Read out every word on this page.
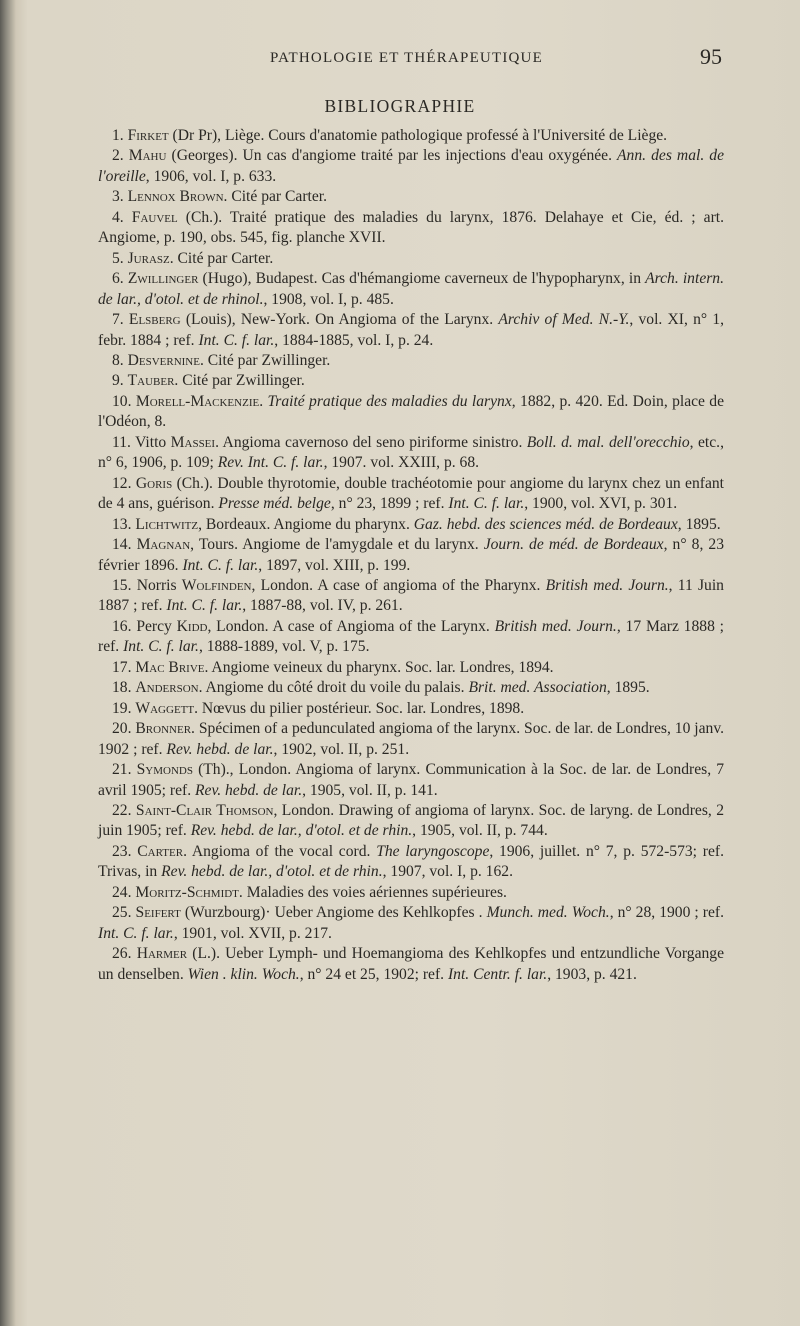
PATHOLOGIE ET THÉRAPEUTIQUE	95
BIBLIOGRAPHIE

1. Firket (Dr Pr), Liège. Cours d'anatomie pathologique professé à l'Université de Liège.

2. Mahu (Georges). Un cas d'angiome traité par les injections d'eau oxygénée. Ann. des mal. de l'oreille, 1906, vol. I, p. 633.

3. Lennox Brown. Cité par Carter.

4. Fauvel (Ch.). Traité pratique des maladies du larynx, 1876. Delahaye et Cie, éd. ; art. Angiome, p. 190, obs. 545, fig. planche XVII.

5. Jurasz. Cité par Carter.

6. Zwillinger (Hugo), Budapest. Cas d'hémangiome caverneux de l'hypopharynx, in Arch. intern. de lar., d'otol. et de rhinol., 1908, vol. I, p. 485.

7. Elsberg (Louis), New-York. On Angioma of the Larynx. Archiv of Med. N.-Y., vol. XI, n° 1, febr. 1884 ; ref. Int. C. f. lar., 1884-1885, vol. I, p. 24.

8. Desvernine. Cité par Zwillinger.

9. Tauber. Cité par Zwillinger.

10. Morell-Mackenzie. Traité pratique des maladies du larynx, 1882, p. 420. Ed. Doin, place de l'Odéon, 8.

11. Vitto Massei. Angioma cavernoso del seno piriforme sinistro. Boll. d. mal. dell'orecchio, etc., n° 6, 1906, p. 109; Rev. Int. C. f. lar., 1907. vol. XXIII, p. 68.

12. Goris (Ch.). Double thyrotomie, double trachéotomie pour angiome du larynx chez un enfant de 4 ans, guérison. Presse méd. belge, n° 23, 1899 ; ref. Int. C. f. lar., 1900, vol. XVI, p. 301.

13. Lichtwitz, Bordeaux. Angiome du pharynx. Gaz. hebd. des sciences méd. de Bordeaux, 1895.

14. Magnan, Tours. Angiome de l'amygdale et du larynx. Journ. de méd. de Bordeaux, n° 8, 23 février 1896. Int. C. f. lar., 1897, vol. XIII, p. 199.

15. Norris Wolfinden, London. A case of angioma of the Pharynx. British med. Journ., 11 Juin 1887 ; ref. Int. C. f. lar., 1887-88, vol. IV, p. 261.

16. Percy Kidd, London. A case of Angioma of the Larynx. British med. Journ., 17 Marz 1888 ; ref. Int. C. f. lar., 1888-1889, vol. V, p. 175.

17. Mac Brive. Angiome veineux du pharynx. Soc. lar. Londres, 1894.

18. Anderson. Angiome du côté droit du voile du palais. Brit. med. Association, 1895.

19. Waggett. Nœvus du pilier postérieur. Soc. lar. Londres, 1898.

20. Bronner. Spécimen of a pedunculated angioma of the larynx. Soc. de lar. de Londres, 10 janv. 1902 ; ref. Rev. hebd. de lar., 1902, vol. II, p. 251.

21. Symonds (Th)., London. Angioma of larynx. Communication à la Soc. de lar. de Londres, 7 avril 1905; ref. Rev. hebd. de lar., 1905, vol. II, p. 141.

22. Saint-Clair Thomson, London. Drawing of angioma of larynx. Soc. de laryng. de Londres, 2 juin 1905; ref. Rev. hebd. de lar., d'otol. et de rhin., 1905, vol. II, p. 744.

23. Carter. Angioma of the vocal cord. The laryngoscope, 1906, juillet. n° 7, p. 572-573; ref. Trivas, in Rev. hebd. de lar., d'otol. et de rhin., 1907, vol. I, p. 162.

24. Moritz-Schmidt. Maladies des voies aériennes supérieures.

25. Seifert (Wurzbourg)· Ueber Angiome des Kehlkopfes . Munch. med. Woch., n° 28, 1900 ; ref. Int. C. f. lar., 1901, vol. XVII, p. 217.

26. Harmer (L.). Ueber Lymph- und Hoemangioma des Kehlkopfes und entzundliche Vorgange un denselben. Wien . klin. Woch., n° 24 et 25, 1902; ref. Int. Centr. f. lar., 1903, p. 421.
